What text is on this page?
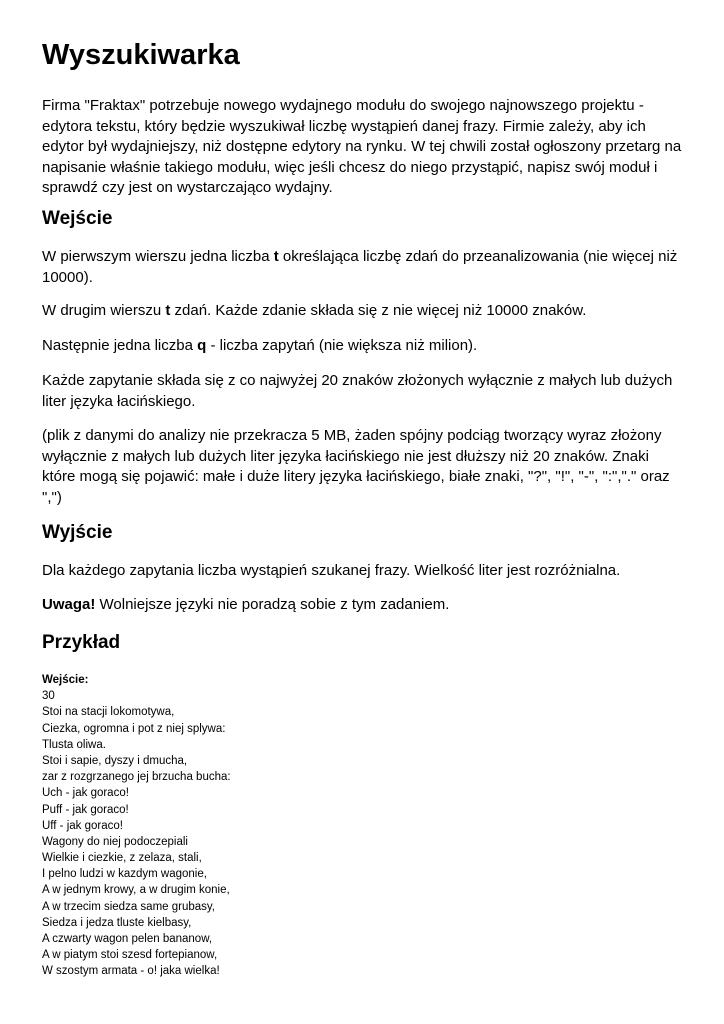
Wyszukiwarka

Firma "Fraktax" potrzebuje nowego wydajnego modułu do swojego najnowszego projektu - edytora tekstu, który będzie wyszukiwał liczbę wystąpień danej frazy. Firmie zależy, aby ich edytor był wydajniejszy, niż dostępne edytory na rynku. W tej chwili został ogłoszony przetarg na napisanie właśnie takiego modułu, więc jeśli chcesz do niego przystąpić, napisz swój moduł i sprawdź czy jest on wystarczająco wydajny.

Wejście

W pierwszym wierszu jedna liczba t określająca liczbę zdań do przeanalizowania (nie więcej niż 10000).

W drugim wierszu t zdań. Każde zdanie składa się z nie więcej niż 10000 znaków.

Następnie jedna liczba q - liczba zapytań (nie większa niż milion).

Każde zapytanie składa się z co najwyżej 20 znaków złożonych wyłącznie z małych lub dużych liter języka łacińskiego.

(plik z danymi do analizy nie przekracza 5 MB, żaden spójny podciąg tworzący wyraz złożony wyłącznie z małych lub dużych liter języka łacińskiego nie jest dłuższy niż 20 znaków. Znaki które mogą się pojawić: małe i duże litery języka łacińskiego, białe znaki, "?", "!", "-", ":","." oraz ",")

Wyjście

Dla każdego zapytania liczba wystąpień szukanej frazy. Wielkość liter jest rozróżnialna.

Uwaga! Wolniejsze języki nie poradzą sobie z tym zadaniem.

Przykład
Wejście:
30
Stoi na stacji lokomotywa,
Ciezka, ogromna i pot z niej splywa:
Tlusta oliwa.
Stoi i sapie, dyszy i dmucha,
zar z rozgrzanego jej brzucha bucha:
Uch - jak goraco!
Puff - jak goraco!
Uff - jak goraco!
Wagony do niej podoczepiali
Wielkie i ciezkie, z zelaza, stali,
I pelno ludzi w kazdym wagonie,
A w jednym krowy, a w drugim konie,
A w trzecim siedza same grubasy,
Siedza i jedza tluste kielbasy,
A czwarty wagon pelen bananow,
A w piatym stoi szesd fortepianow,
W szostym armata - o! jaka wielka!
